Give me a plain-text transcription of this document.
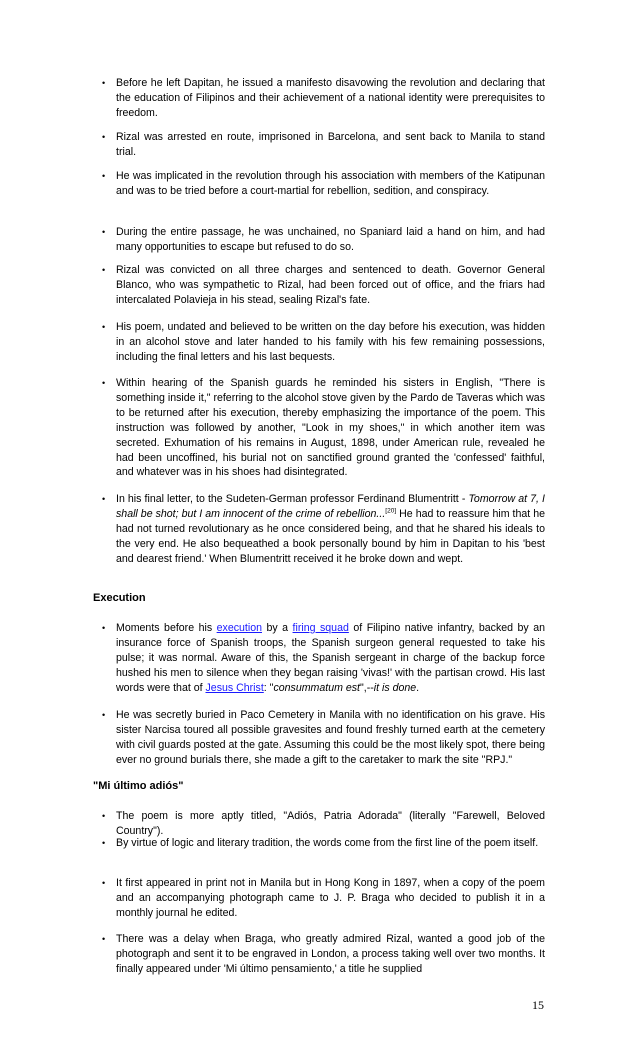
• Before he left Dapitan, he issued a manifesto disavowing the revolution and declaring that the education of Filipinos and their achievement of a national identity were prerequisites to freedom.
• Rizal was arrested en route, imprisoned in Barcelona, and sent back to Manila to stand trial.
• He was implicated in the revolution through his association with members of the Katipunan and was to be tried before a court-martial for rebellion, sedition, and conspiracy.
• During the entire passage, he was unchained, no Spaniard laid a hand on him, and had many opportunities to escape but refused to do so.
• Rizal was convicted on all three charges and sentenced to death. Governor General Blanco, who was sympathetic to Rizal, had been forced out of office, and the friars had intercalated Polavieja in his stead, sealing Rizal's fate.
• His poem, undated and believed to be written on the day before his execution, was hidden in an alcohol stove and later handed to his family with his few remaining possessions, including the final letters and his last bequests.
• Within hearing of the Spanish guards he reminded his sisters in English, "There is something inside it," referring to the alcohol stove given by the Pardo de Taveras which was to be returned after his execution, thereby emphasizing the importance of the poem. This instruction was followed by another, "Look in my shoes," in which another item was secreted. Exhumation of his remains in August, 1898, under American rule, revealed he had been uncoffined, his burial not on sanctified ground granted the 'confessed' faithful, and whatever was in his shoes had disintegrated.
• In his final letter, to the Sudeten-German professor Ferdinand Blumentritt - Tomorrow at 7, I shall be shot; but I am innocent of the crime of rebellion...[20] He had to reassure him that he had not turned revolutionary as he once considered being, and that he shared his ideals to the very end. He also bequeathed a book personally bound by him in Dapitan to his 'best and dearest friend.' When Blumentritt received it he broke down and wept.
Execution
• Moments before his execution by a firing squad of Filipino native infantry, backed by an insurance force of Spanish troops, the Spanish surgeon general requested to take his pulse; it was normal. Aware of this, the Spanish sergeant in charge of the backup force hushed his men to silence when they began raising 'vivas!' with the partisan crowd. His last words were that of Jesus Christ: "consummatum est",--it is done.
• He was secretly buried in Paco Cemetery in Manila with no identification on his grave. His sister Narcisa toured all possible gravesites and found freshly turned earth at the cemetery with civil guards posted at the gate. Assuming this could be the most likely spot, there being ever no ground burials there, she made a gift to the caretaker to mark the site "RPJ."
"Mi último adiós"
• The poem is more aptly titled, "Adiós, Patria Adorada" (literally "Farewell, Beloved Country").
• By virtue of logic and literary tradition, the words come from the first line of the poem itself.
• It first appeared in print not in Manila but in Hong Kong in 1897, when a copy of the poem and an accompanying photograph came to J. P. Braga who decided to publish it in a monthly journal he edited.
• There was a delay when Braga, who greatly admired Rizal, wanted a good job of the photograph and sent it to be engraved in London, a process taking well over two months. It finally appeared under 'Mi último pensamiento,' a title he supplied
15
